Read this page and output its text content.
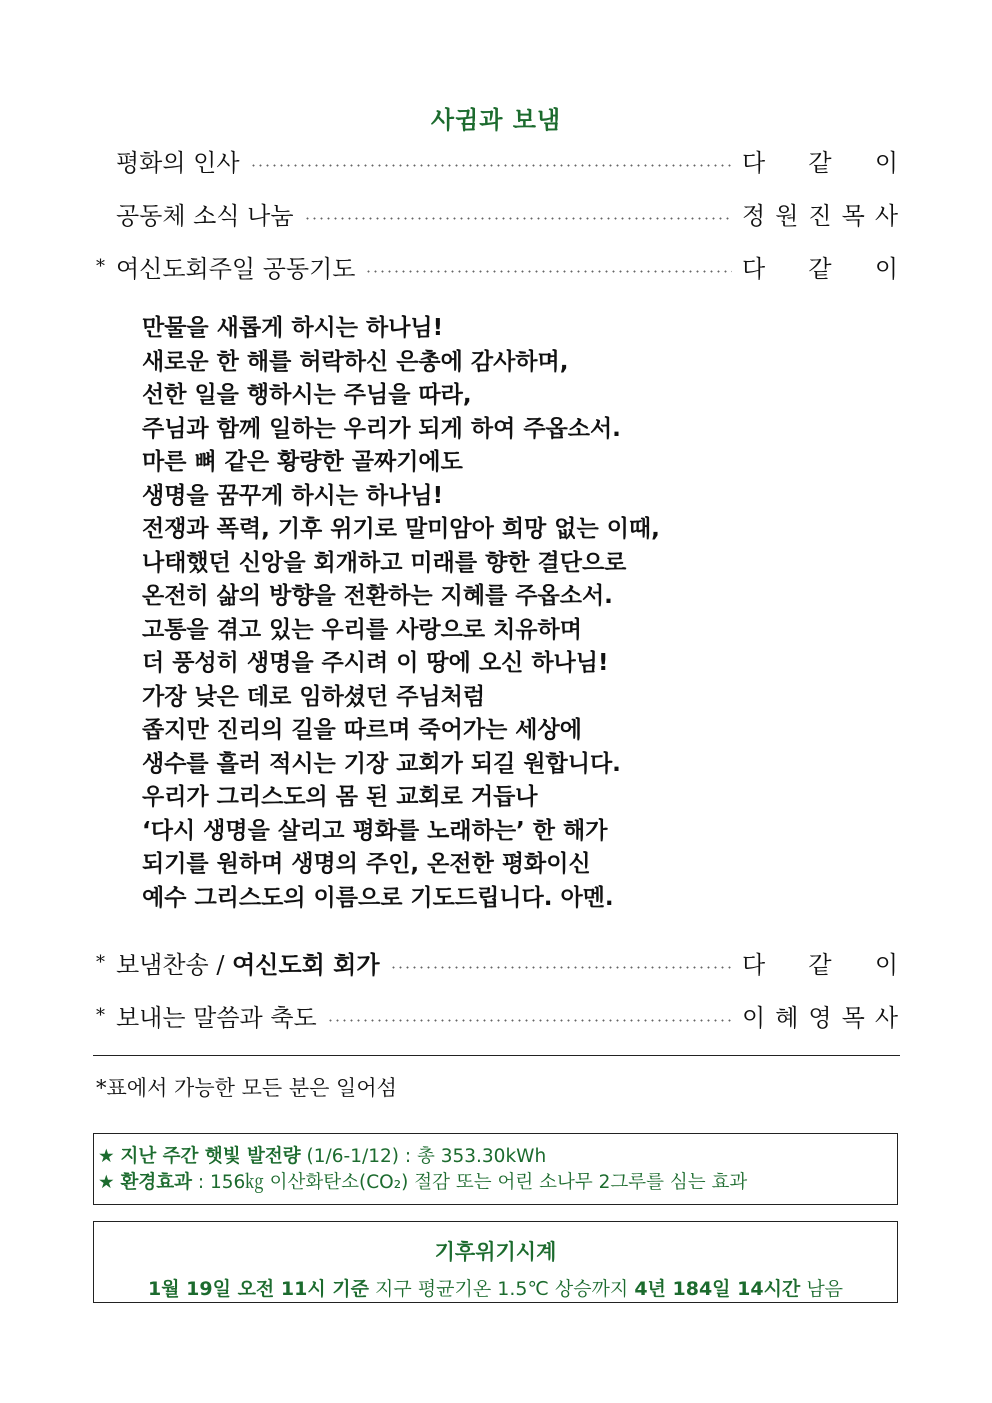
사귐과 보냄
평화의 인사	다 같 이
공동체 소식 나눔	정 원 진 목 사
* 여신도회주일 공동기도	다 같 이
만물을 새롭게 하시는 하나님!
새로운 한 해를 허락하신 은총에 감사하며,
선한 일을 행하시는 주님을 따라,
주님과 함께 일하는 우리가 되게 하여 주옵소서.
마른 뼈 같은 황량한 골짜기에도
생명을 꿈꾸게 하시는 하나님!
전쟁과 폭력, 기후 위기로 말미암아 희망 없는 이때,
나태했던 신앙을 회개하고 미래를 향한 결단으로
온전히 삶의 방향을 전환하는 지혜를 주옵소서.
고통을 겪고 있는 우리를 사랑으로 치유하며
더 풍성히 생명을 주시려 이 땅에 오신 하나님!
가장 낮은 데로 임하셨던 주님처럼
좁지만 진리의 길을 따르며 죽어가는 세상에
생수를 흘러 적시는 기장 교회가 되길 원합니다.
우리가 그리스도의 몸 된 교회로 거듭나
‘다시 생명을 살리고 평화를 노래하는’ 한 해가
되기를 원하며 생명의 주인, 온전한 평화이신
예수 그리스도의 이름으로 기도드립니다. 아멘.
* 보냄찬송 / 여신도회 회가	다 같 이
* 보내는 말씀과 축도	이 혜 영 목 사
*표에서 가능한 모든 분은 일어섬
★ 지난 주간 햇빛 발전량 (1/6-1/12) : 총 353.30kWh
★ 환경효과 : 156㎏ 이산화탄소(CO₂) 절감 또는 어린 소나무 2그루를 심는 효과
기후위기시계
1월 19일 오전 11시 기준 지구 평균기온 1.5℃ 상승까지 4년 184일 14시간 남음
